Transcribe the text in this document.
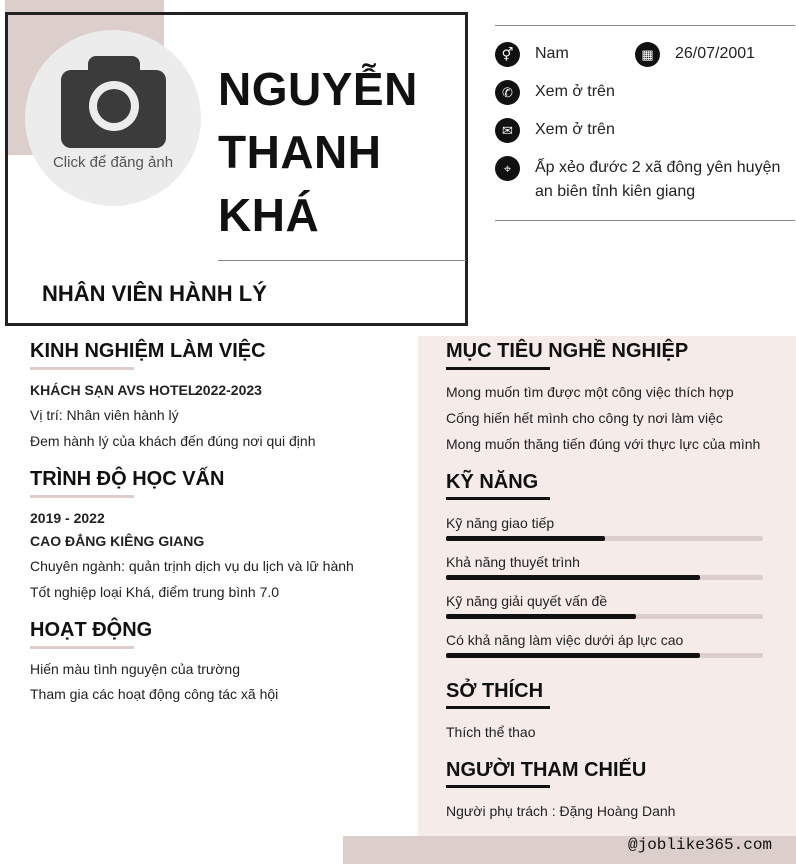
Click để đăng ảnh
NGUYỄN
THANH
KHÁ
NHÂN VIÊN HÀNH LÝ
⚥	Nam	▦	26/07/2001
✆	Xem ở trên
✉	Xem ở trên
⌖	Ấp xẻo đước 2 xã đông yên huyện
an biên tỉnh kiên giang
@joblike365.com
KINH NGHIỆM LÀM VIỆC
KHÁCH SẠN AVS HOTEL
2022-2023
Vị trí: Nhân viên hành lý
Đem hành lý của khách đến đúng nơi qui định
TRÌNH ĐỘ HỌC VẤN
2019 - 2022
CAO ĐẲNG KIÊNG GIANG
Chuyên ngành: quản trịnh dịch vụ du lịch và lữ hành
Tốt nghiệp loại Khá, điểm trung bình 7.0
HOẠT ĐỘNG
Hiến màu tình nguyện của trường
Tham gia các hoạt động công tác xã hội
MỤC TIÊU NGHỀ NGHIỆP
Mong muốn tìm được một công việc thích hợp
Cống hiến hết mình cho công ty nơi làm việc
Mong muốn thăng tiến đúng với thực lực của mình
KỸ NĂNG
Kỹ năng giao tiếp
Khả năng thuyết trình
Kỹ năng giải quyết vấn đề
Có khả năng làm việc dưới áp lực cao
SỞ THÍCH
Thích thể thao
NGƯỜI THAM CHIẾU
Người phụ trách : Đặng Hoàng Danh
